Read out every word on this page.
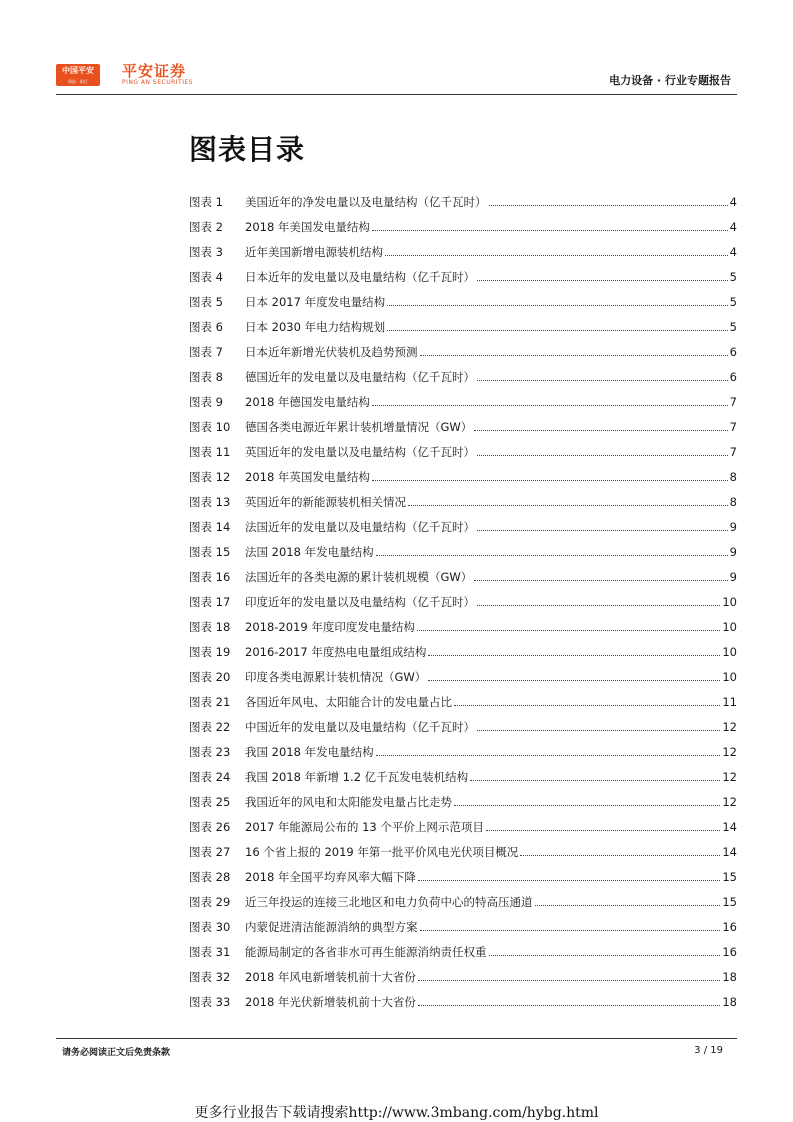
中国平安
保险 · 银行
平安证券
PING AN SECURITIES	电力设备 · 行业专题报告
图表目录
图表 1	美国近年的净发电量以及电量结构（亿千瓦时）	4
图表 2	2018 年美国发电量结构	4
图表 3	近年美国新增电源装机结构	4
图表 4	日本近年的发电量以及电量结构（亿千瓦时）	5
图表 5	日本 2017 年度发电量结构	5
图表 6	日本 2030 年电力结构规划	5
图表 7	日本近年新增光伏装机及趋势预测	6
图表 8	德国近年的发电量以及电量结构（亿千瓦时）	6
图表 9	2018 年德国发电量结构	7
图表 10	德国各类电源近年累计装机增量情况（GW）	7
图表 11	英国近年的发电量以及电量结构（亿千瓦时）	7
图表 12	2018 年英国发电量结构	8
图表 13	英国近年的新能源装机相关情况	8
图表 14	法国近年的发电量以及电量结构（亿千瓦时）	9
图表 15	法国 2018 年发电量结构	9
图表 16	法国近年的各类电源的累计装机规模（GW）	9
图表 17	印度近年的发电量以及电量结构（亿千瓦时）	10
图表 18	2018-2019 年度印度发电量结构	10
图表 19	2016-2017 年度热电电量组成结构	10
图表 20	印度各类电源累计装机情况（GW）	10
图表 21	各国近年风电、太阳能合计的发电量占比	11
图表 22	中国近年的发电量以及电量结构（亿千瓦时）	12
图表 23	我国 2018 年发电量结构	12
图表 24	我国 2018 年新增 1.2 亿千瓦发电装机结构	12
图表 25	我国近年的风电和太阳能发电量占比走势	12
图表 26	2017 年能源局公布的 13 个平价上网示范项目	14
图表 27	16 个省上报的 2019 年第一批平价风电光伏项目概况	14
图表 28	2018 年全国平均弃风率大幅下降	15
图表 29	近三年投运的连接三北地区和电力负荷中心的特高压通道	15
图表 30	内蒙促进清洁能源消纳的典型方案	16
图表 31	能源局制定的各省非水可再生能源消纳责任权重	16
图表 32	2018 年风电新增装机前十大省份	18
图表 33	2018 年光伏新增装机前十大省份	18
请务必阅读正文后免责条款	3 / 19
更多行业报告下载请搜索http://www.3mbang.com/hybg.html
